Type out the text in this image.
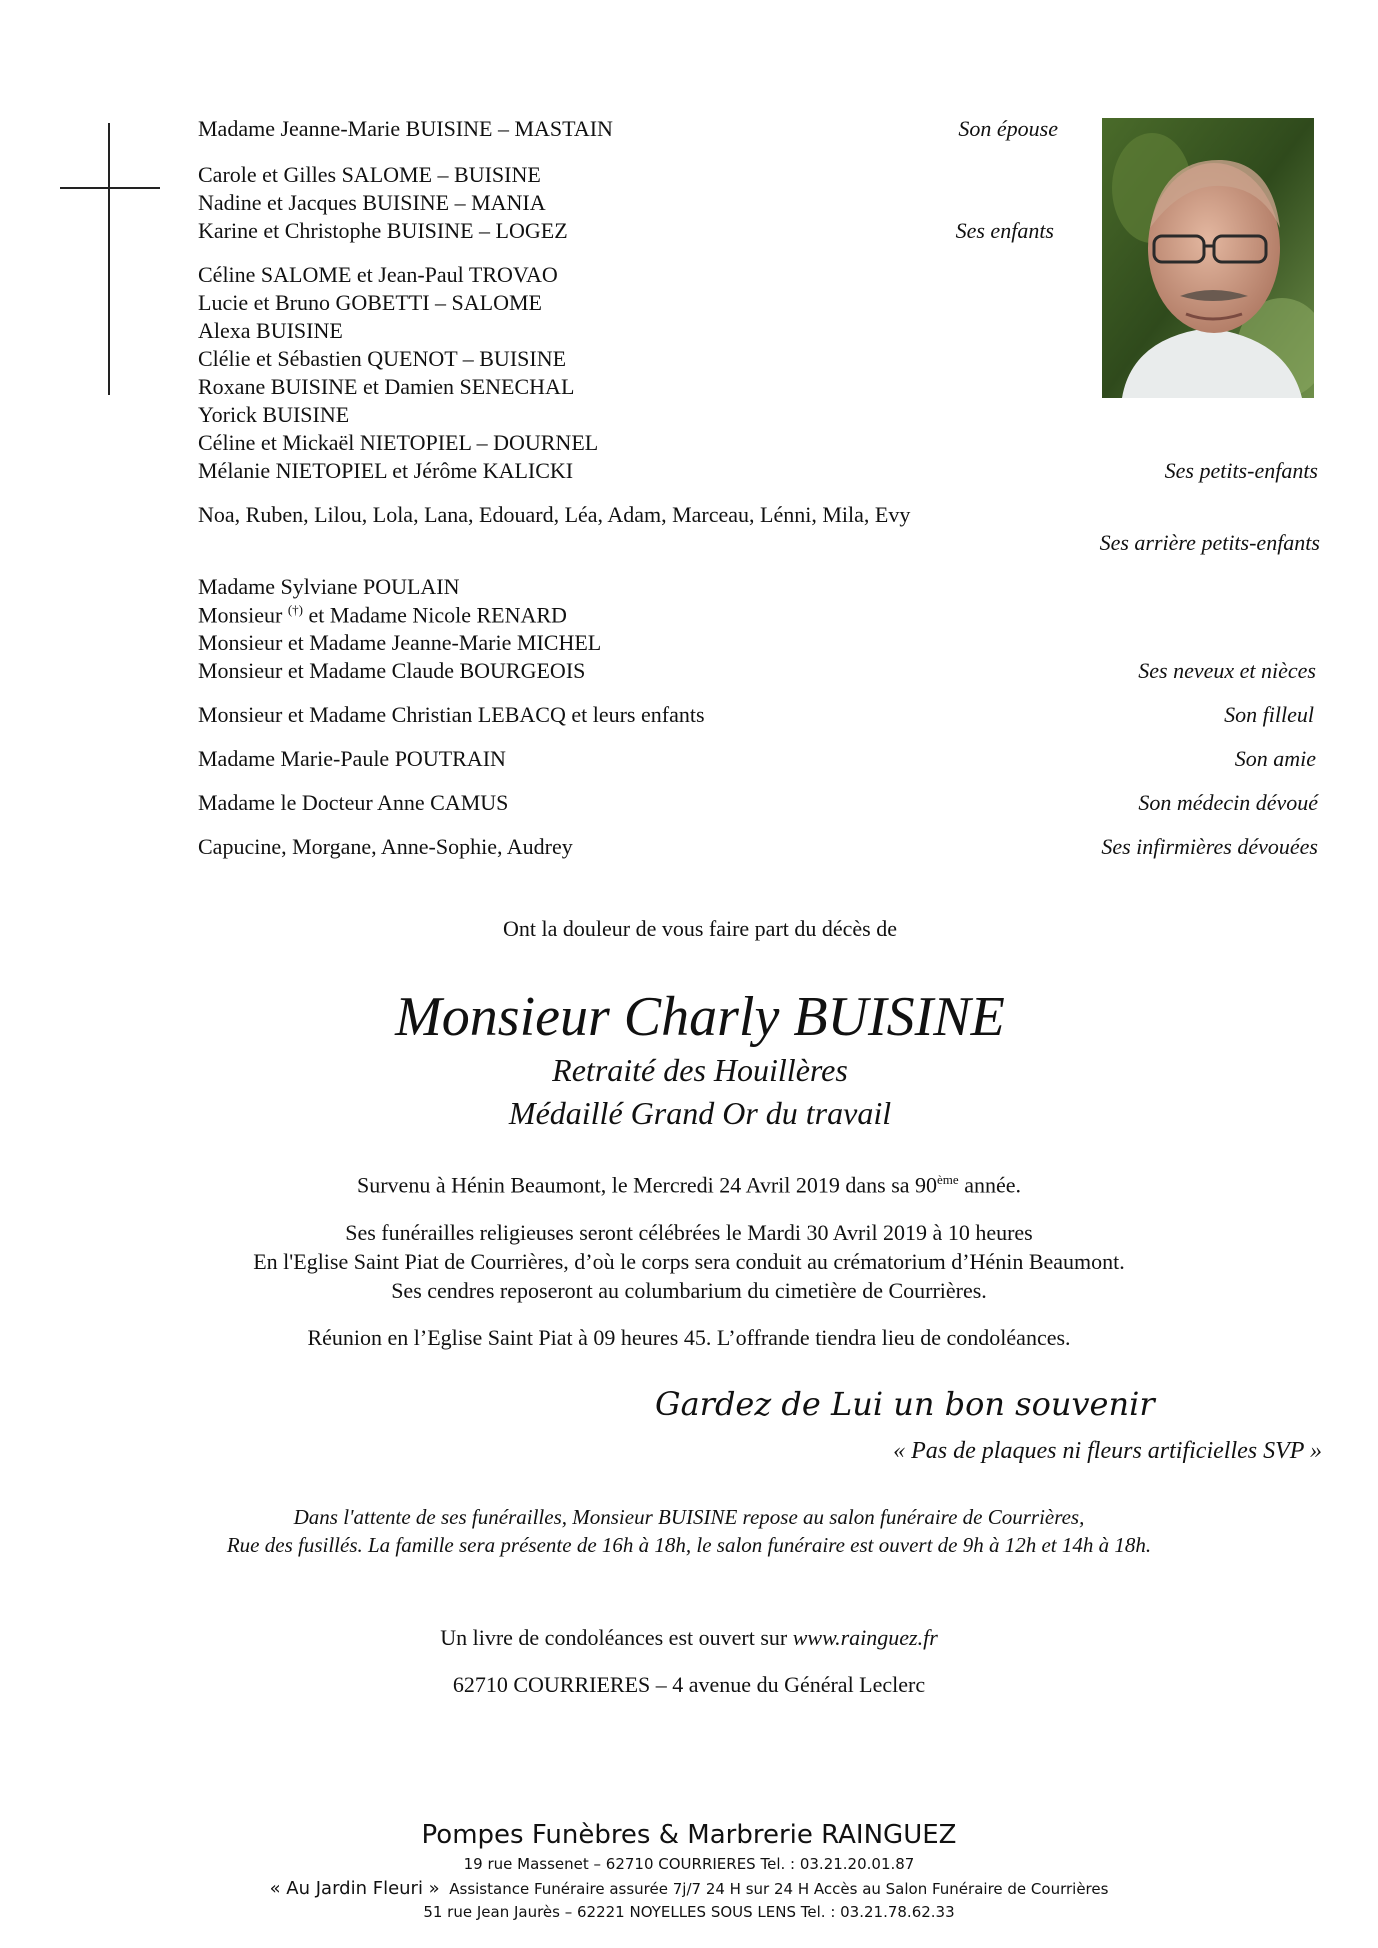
Madame Jeanne-Marie BUISINE – MASTAIN
Carole et Gilles SALOME – BUISINE
Nadine et Jacques BUISINE – MANIA
Karine et Christophe BUISINE – LOGEZ
Céline SALOME et Jean-Paul TROVAO
Lucie et Bruno GOBETTI – SALOME
Alexa BUISINE
Clélie et Sébastien QUENOT – BUISINE
Roxane BUISINE et Damien SENECHAL
Yorick BUISINE
Céline et Mickaël NIETOPIEL – DOURNEL
Mélanie NIETOPIEL et Jérôme KALICKI
Noa, Ruben, Lilou, Lola, Lana, Edouard, Léa, Adam, Marceau, Lénni, Mila, Evy
Madame Sylviane POULAIN
Monsieur (†) et Madame Nicole RENARD
Monsieur et Madame Jeanne-Marie MICHEL
Monsieur et Madame Claude BOURGEOIS
Monsieur et Madame Christian LEBACQ et leurs enfants
Madame Marie-Paule POUTRAIN
Madame le Docteur Anne CAMUS
Capucine, Morgane, Anne-Sophie, Audrey
Son épouse
Ses enfants
Ses petits-enfants
Ses arrière petits-enfants
Ses neveux et nièces
Son filleul
Son amie
Son médecin dévoué
Ses infirmières dévouées
Ont la douleur de vous faire part du décès de
Monsieur Charly BUISINE
Retraité des Houillères
Médaillé Grand Or du travail
Survenu à Hénin Beaumont, le Mercredi 24 Avril 2019 dans sa 90ème année.
Ses funérailles religieuses seront célébrées le Mardi 30 Avril 2019 à 10 heures
En l'Eglise Saint Piat de Courrières, d’où le corps sera conduit au crématorium d’Hénin Beaumont.
Ses cendres reposeront au columbarium du cimetière de Courrières.
Réunion en l’Eglise Saint Piat à 09 heures 45. L’offrande tiendra lieu de condoléances.
Gardez de Lui un bon souvenir
« Pas de plaques ni fleurs artificielles SVP »
Dans l'attente de ses funérailles, Monsieur BUISINE repose au salon funéraire de Courrières,
Rue des fusillés. La famille sera présente de 16h à 18h, le salon funéraire est ouvert de 9h à 12h et 14h à 18h.
Un livre de condoléances est ouvert sur www.rainguez.fr
62710 COURRIERES – 4 avenue du Général Leclerc
Pompes Funèbres & Marbrerie RAINGUEZ
19 rue Massenet – 62710 COURRIERES Tel. : 03.21.20.01.87
« Au Jardin Fleuri » Assistance Funéraire assurée 7j/7 24 H sur 24 H Accès au Salon Funéraire de Courrières
51 rue Jean Jaurès – 62221 NOYELLES SOUS LENS Tel. : 03.21.78.62.33
